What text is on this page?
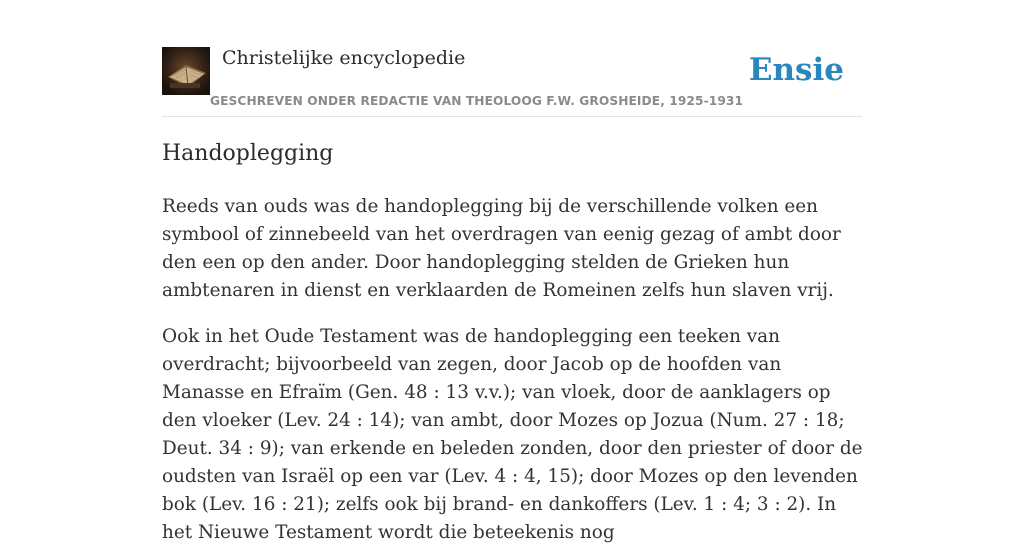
Christelijke encyclopedie
GESCHREVEN ONDER REDACTIE VAN THEOLOOG F.W. GROSHEIDE, 1925-1931
Ensie
Handoplegging

Reeds van ouds was de handoplegging bij de verschillende volken een symbool of zinnebeeld van het overdragen van eenig gezag of ambt door den een op den ander. Door handoplegging stelden de Grieken hun ambtenaren in dienst en verklaarden de Romeinen zelfs hun slaven vrij.

Ook in het Oude Testament was de handoplegging een teeken van overdracht; bijvoorbeeld van zegen, door Jacob op de hoofden van Manasse en Efraïm (Gen. 48 : 13 v.v.); van vloek, door de aanklagers op den vloeker (Lev. 24 : 14); van ambt, door Mozes op Jozua (Num. 27 : 18; Deut. 34 : 9); van erkende en beleden zonden, door den priester of door de oudsten van Israël op een var (Lev. 4 : 4, 15); door Mozes op den levenden bok (Lev. 16 : 21); zelfs ook bij brand- en dankoffers (Lev. 1 : 4; 3 : 2). In het Nieuwe Testament wordt die beteekenis nog
